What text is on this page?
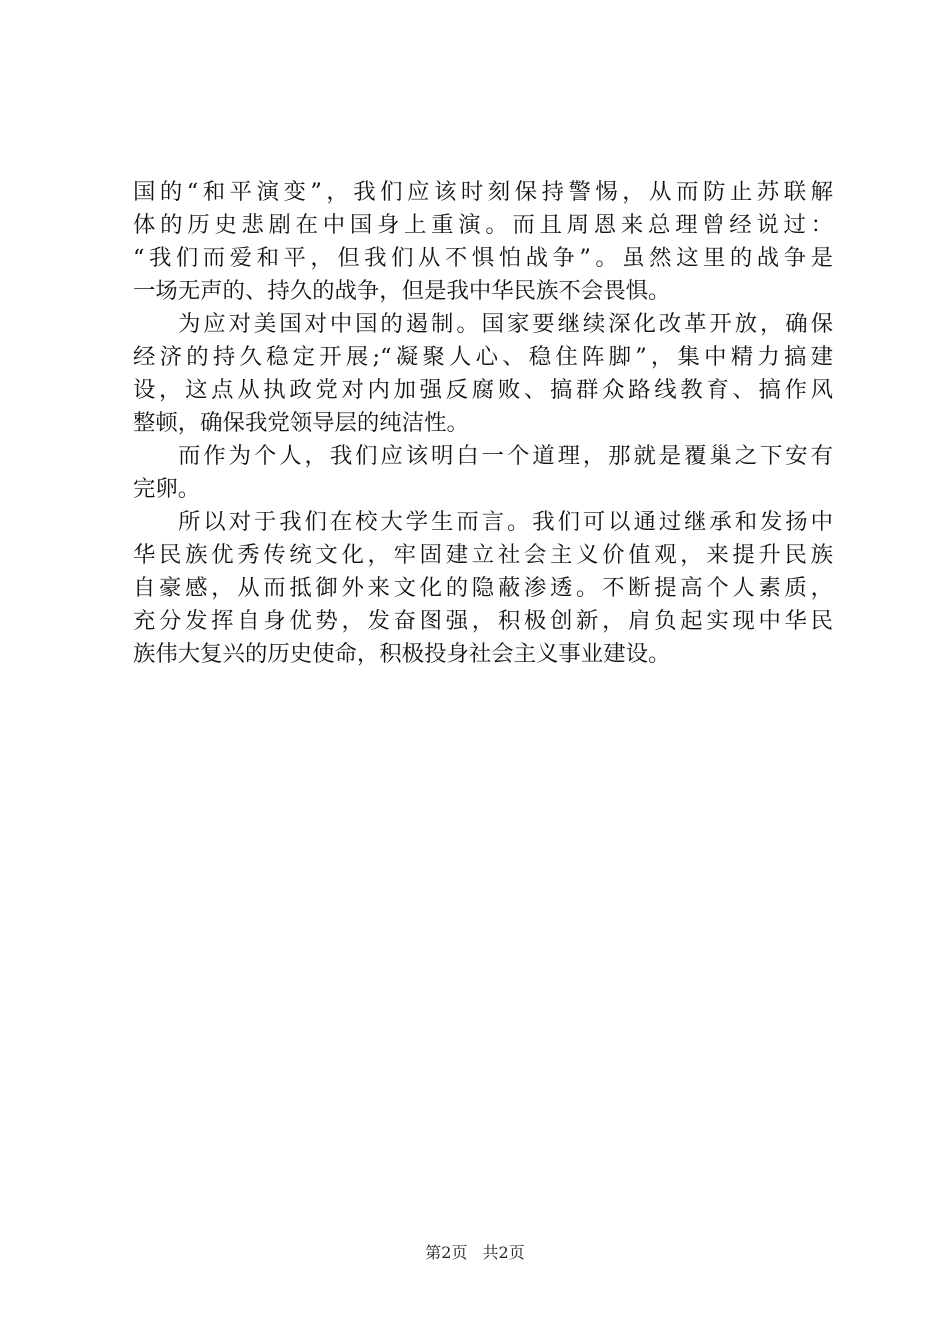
国的“和平演变”，我们应该时刻保持警惕，从而防止苏联解
体的历史悲剧在中国身上重演。而且周恩来总理曾经说过：
“我们而爱和平，但我们从不惧怕战争”。虽然这里的战争是
一场无声的、持久的战争，但是我中华民族不会畏惧。
为应对美国对中国的遏制。国家要继续深化改革开放，确保
经济的持久稳定开展;“凝聚人心、稳住阵脚”，集中精力搞建
设，这点从执政党对内加强反腐败、搞群众路线教育、搞作风
整顿，确保我党领导层的纯洁性。
而作为个人，我们应该明白一个道理，那就是覆巢之下安有
完卵。
所以对于我们在校大学生而言。我们可以通过继承和发扬中
华民族优秀传统文化，牢固建立社会主义价值观，来提升民族
自豪感，从而抵御外来文化的隐蔽渗透。不断提高个人素质，
充分发挥自身优势，发奋图强，积极创新，肩负起实现中华民
族伟大复兴的历史使命，积极投身社会主义事业建设。
第2页 共2页
